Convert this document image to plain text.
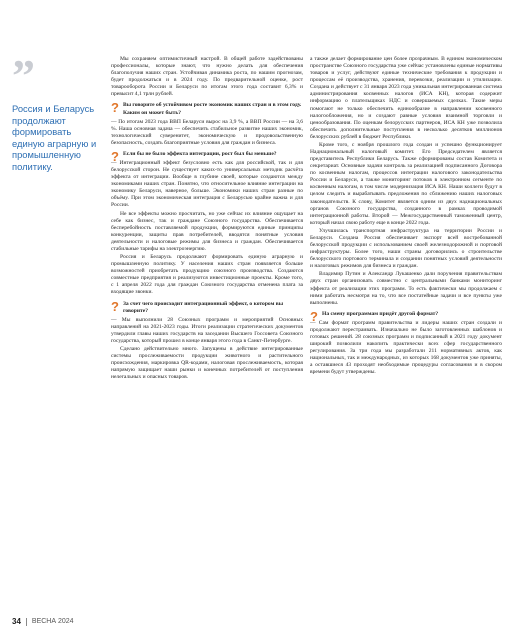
”

Россия и Беларусь продолжают формировать единую аграрную и промышленную политику.

Мы сохраняем оптимистичный настрой. В общей работе задействованы профессионалы, которые знают, что нужно делать для обеспечения благополучия наших стран. Устойчивая динамика роста, по нашим прогнозам, будет продолжаться и в 2024 году. По предварительной оценке, рост товарооборота России и Беларуси по итогам этого года составит 6,3% и превысит 4,1 трлн рублей.

? Вы говорите об устойчивом росте экономик наших стран и в этом году. Каким он может быть?

— По итогам 2023 года ВВП Беларуси вырос на 3,9 %, а ВВП России — на 3,6 %. Наша основная задача — обеспечить стабильное развитие наших экономик, технологический суверенитет, экономическую и продовольственную безопасность, создать благоприятные условия для граждан и бизнеса.

? Если бы не было эффекта интеграции, рост был бы меньше?

— Интеграционный эффект безусловно есть как для российской, так и для белорусской сторон. Не существует каких-то универсальных методик расчёта эффекта от интеграции. Вообще в глубине своей, которые создаются между экономиками наших стран. Понятно, что относительное влияние интеграции на экономику Беларуси, наверное, больше. Экономики наших стран разные по объёму. При этом экономическая интеграция с Беларусью крайне важна и для России.

Не все эффекты можно просчитать, но уже сейчас их влияние ощущает на себе как бизнес, так и граждане Союзного государства. Обеспечивается бесперебойность поставляемой продукции, формируются единые принципы конкуренции, защиты прав потребителей, вводятся понятные условия деятельности и налоговые режимы для бизнеса и граждан. Обеспечивается стабильные тарифы на электроэнергию.

Россия и Беларусь продолжают формировать единую аграрную и промышленную политику. У населения наших стран появляется больше возможностей приобретать продукцию союзного производства. Создаются совместные предприятия и реализуются инвестиционные проекты. Кроме того, с 1 апреля 2022 года для граждан Союзного государства отменена плата за входящие звонки.

? За счет чего происходит интеграционный эффект, о котором вы говорите?

— Мы выполнили 28 Союзных программ и мероприятий Основных направлений на 2021-2023 годы. Итоги реализации стратегических документов утвердили главы наших государств на заседании Высшего Госсовета Союзного государства, который прошел в конце января этого года в Санкт-Петербурге.

Сделано действительно много. Запущены в действие интегрированные системы прослеживаемости продукции животного и растительного происхождения, маркировка QR-кодами, налоговая прослеживаемость, которая напрямую защищает наши рынки и конечных потребителей от поступления нелегальных и опасных товаров.

а также делает формирование цен более прозрачным. В едином экономическом пространстве Союзного государства уже сейчас установлены единые нормативы товаров и услуг, действуют единые технические требования к продукции и процессам её производства, хранения, перевозки, реализации и утилизации. Создана и действует с 31 января 2023 года уникальная интегрированная система администрирования косвенных налогов (ИСА КН), которая содержит информацию о плательщиках НДС и совершаемых сделках. Такие меры помогают не только обеспечить единообразие в направлении косвенного налогообложения, но и создают равные условия взаимной торговли и ценообразования. По оценкам белорусских партнеров, ИСА КН уже позволила обеспечить дополнительные поступления в несколько десятков миллионов белорусских рублей в бюджет Республики.

Кроме того, с ноября прошлого года создан и успешно функционирует Наднациональный налоговый комитет. Его Председателем является представитель Республики Беларусь. Также сформированы состав Комитета и секретариат. Основные задачи контроль за реализацией подписанного Договора по косвенным налогам, процессов интеграции налогового законодательства России и Беларуси, а также мониторинг потоков в электронном сегменте по косвенным налогам, в том числе модернизация ИСА КН. Наши коллеги будут в целом следить и вырабатывать предложения по сближению наших налоговых законодательств. К слову, Комитет является одним из двух наднациональных органов Союзного государства, созданного в рамках проводимой интеграционной работы. Второй — Межгосударственный таможенный центр, который начал свою работу еще в конце 2022 года.

Улучшилась транспортная инфраструктура на территории России и Беларуси. Создана Россия обеспечивает экспорт всей востребованной белорусской продукции с использованием своей железнодорожной и портовой инфраструктуры. Более того, наши страны договорились о строительстве белорусского портового терминала и создании понятных условий деятельности и налоговых режимов для бизнеса и граждан.

Владимир Путин и Александр Лукашенко дали поручения правительствам двух стран организовать совместно с центральными банками мониторинг эффекта от реализации этих программ. То есть фактически мы продолжаем с ними работать несмотря на то, что все постатейные задачи и все пункты уже выполнены.

? На смену программам придёт другой формат?

— Сам формат программ правительства и лидеры наших стран создали и продолжают перестраивать. Изначально не было заготовленных шаблонов и готовых решений. 28 союзных программ и подписанный в 2021 году документ широкий позволили накопить практически всех сфер государственного регулирования. За три года мы разработали 211 нормативных актов, как национальных, так и международных, из которых 168 документов уже приняты, а оставшиеся 43 проходят необходимые процедуры согласования и в скором времени будут утверждены.

34 ВЕСНА 2024
